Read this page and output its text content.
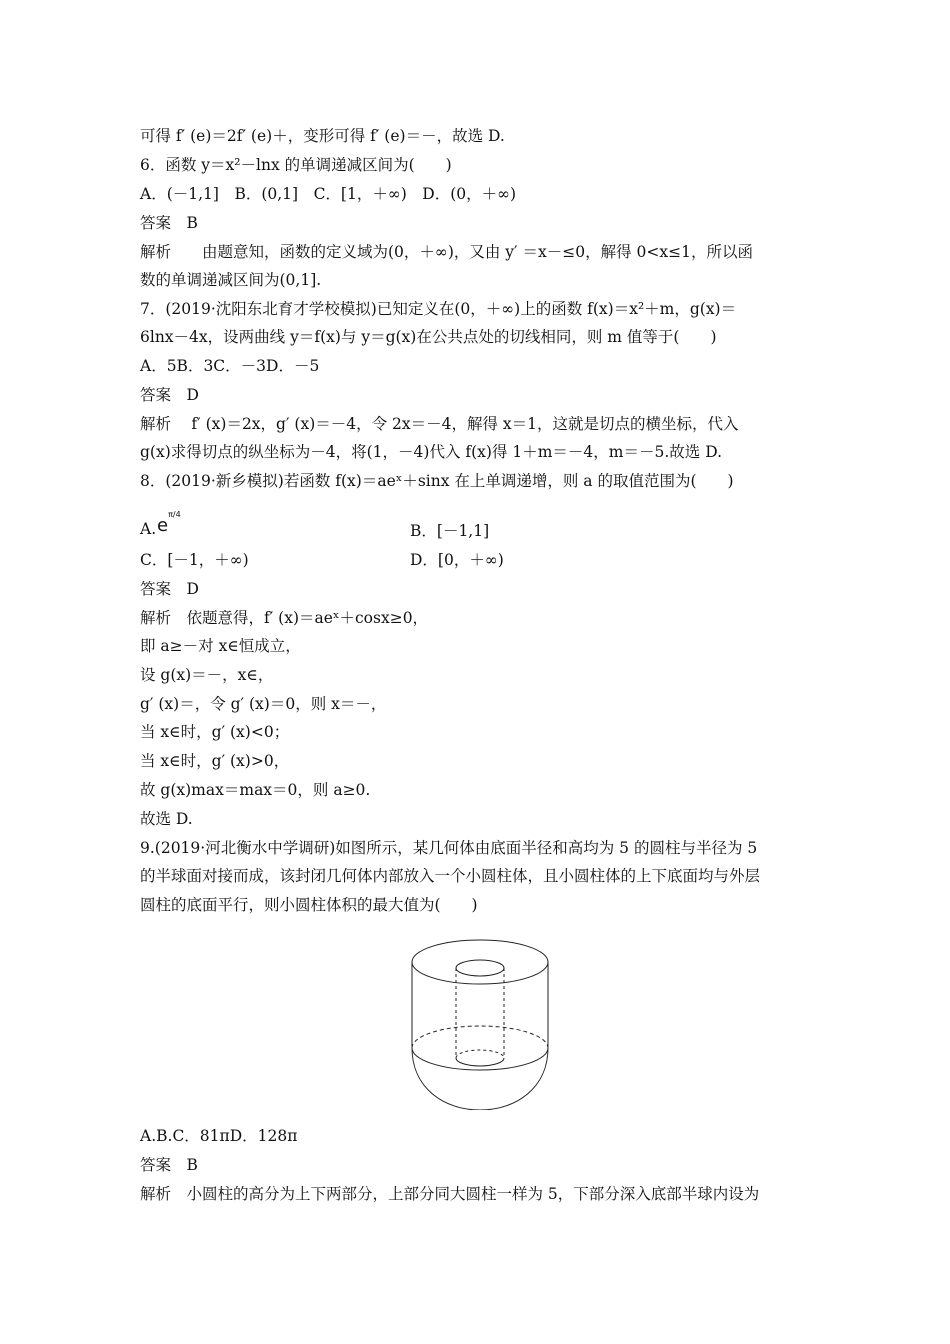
可得 f′ (e)＝2f′ (e)＋，变形可得 f′ (e)＝－，故选 D.
6．函数 y＝x²－lnx 的单调递减区间为(　　)
A．(－1,1]　B．(0,1]　C．[1，＋∞)　D．(0，＋∞)
答案　B
解析　　由题意知，函数的定义域为(0，＋∞)，又由 y′ ＝x－≤0，解得 0<x≤1，所以函
数的单调递减区间为(0,1].
7．(2019·沈阳东北育才学校模拟)已知定义在(0，＋∞)上的函数 f(x)＝x²＋m，g(x)＝
6lnx－4x，设两曲线 y＝f(x)与 y＝g(x)在公共点处的切线相同，则 m 值等于(　　)
A．5B．3C．－3D．－5
答案　D
解析　 f′ (x)＝2x，g′ (x)＝－4，令 2x＝－4，解得 x＝1，这就是切点的横坐标，代入
g(x)求得切点的纵坐标为－4，将(1，－4)代入 f(x)得 1＋m＝－4，m＝－5.故选 D.
8．(2019·新乡模拟)若函数 f(x)＝aeˣ＋sinx 在上单调递增，则 a 的取值范围为(　　)
答案　D
解析　依题意得，f′ (x)＝aeˣ＋cosx≥0，
即 a≥－对 x∈恒成立，
设 g(x)＝－，x∈，
g′ (x)＝，令 g′ (x)＝0，则 x＝－，
当 x∈时，g′ (x)<0；
当 x∈时，g′ (x)>0，
故 g(x)max＝max＝0，则 a≥0.
故选 D.
9.(2019·河北衡水中学调研)如图所示，某几何体由底面半径和高均为 5 的圆柱与半径为 5
的半球面对接而成，该封闭几何体内部放入一个小圆柱体，且小圆柱体的上下底面均与外层
圆柱的底面平行，则小圆柱体积的最大值为(　　)
A.B.C．81πD．128π
答案　B
解析　小圆柱的高分为上下两部分，上部分同大圆柱一样为 5，下部分深入底部半球内设为
A. $e^{\pi/4}$
B．[－1,1]
C．[－1，＋∞)	D．[0，＋∞)
